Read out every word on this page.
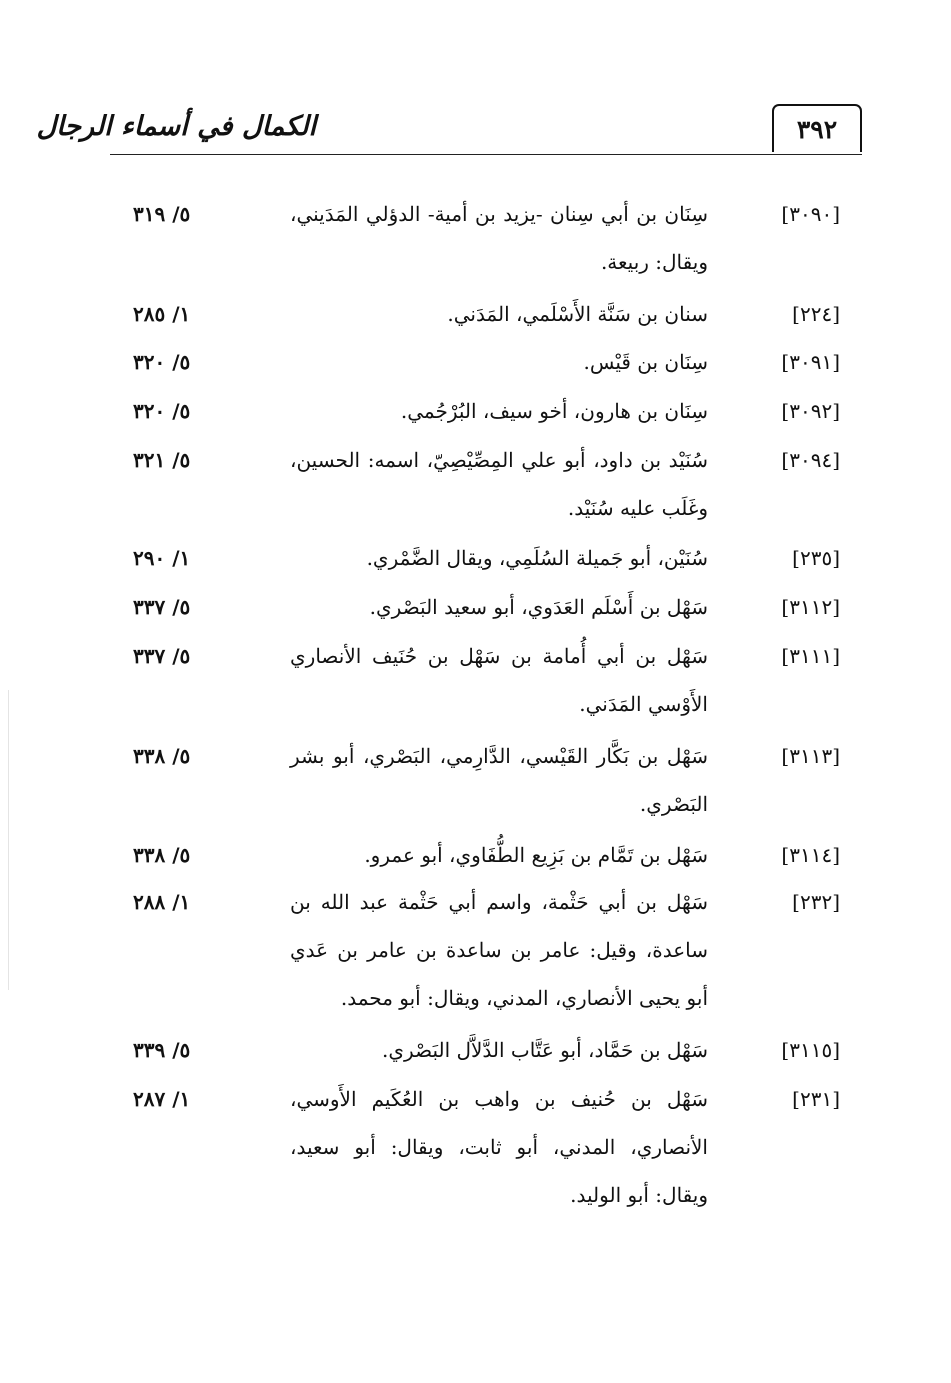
٣٩٢
الكمال في أسماء الرجال
[٣٠٩٠]
سِنَان بن أبي سِنان -يزيد بن أمية- الدؤلي المَدَيني، ويقال: ربيعة.
٥/ ٣١٩
[٢٢٤]
سنان بن سَنَّة الأَسْلَمي، المَدَني.
١/ ٢٨٥
[٣٠٩١]
سِنَان بن قَيْس.
٥/ ٣٢٠
[٣٠٩٢]
سِنَان بن هارون، أخو سيف، البُرْجُمي.
٥/ ٣٢٠
[٣٠٩٤]
سُنَيْد بن داود، أبو علي المِصِّيْصِيّ، اسمه: الحسين، وغَلَب عليه سُنَيْد.
٥/ ٣٢١
[٢٣٥]
سُنَيْن، أبو جَميلة السُلَمِي، ويقال الضَّمْري.
١/ ٢٩٠
[٣١١٢]
سَهْل بن أَسْلَم العَدَوي، أبو سعيد البَصْري.
٥/ ٣٣٧
[٣١١١]
سَهْل بن أبي أُمامة بن سَهْل بن حُنَيف الأنصاري الأَوْسي المَدَني.
٥/ ٣٣٧
[٣١١٣]
سَهْل بن بَكَّار القَيْسي، الدَّارِمي، البَصْري، أبو بشر البَصْري.
٥/ ٣٣٨
[٣١١٤]
سَهْل بن تَمَّام بن بَزِيع الطُّفَاوي، أبو عمرو.
٥/ ٣٣٨
[٢٣٢]
سَهْل بن أبي حَثْمة، واسم أبي حَثْمة عبد الله بن ساعدة، وقيل: عامر بن ساعدة بن عامر بن عَدي أبو يحيى الأنصاري، المدني، ويقال: أبو محمد.
١/ ٢٨٨
[٣١١٥]
سَهْل بن حَمَّاد، أبو عَتَّاب الدَّلاَّل البَصْري.
٥/ ٣٣٩
[٢٣١]
سَهْل بن حُنيف بن واهب بن العُكَيم الأَوسي، الأنصاري، المدني، أبو ثابت، ويقال: أبو سعيد، ويقال: أبو الوليد.
١/ ٢٨٧
